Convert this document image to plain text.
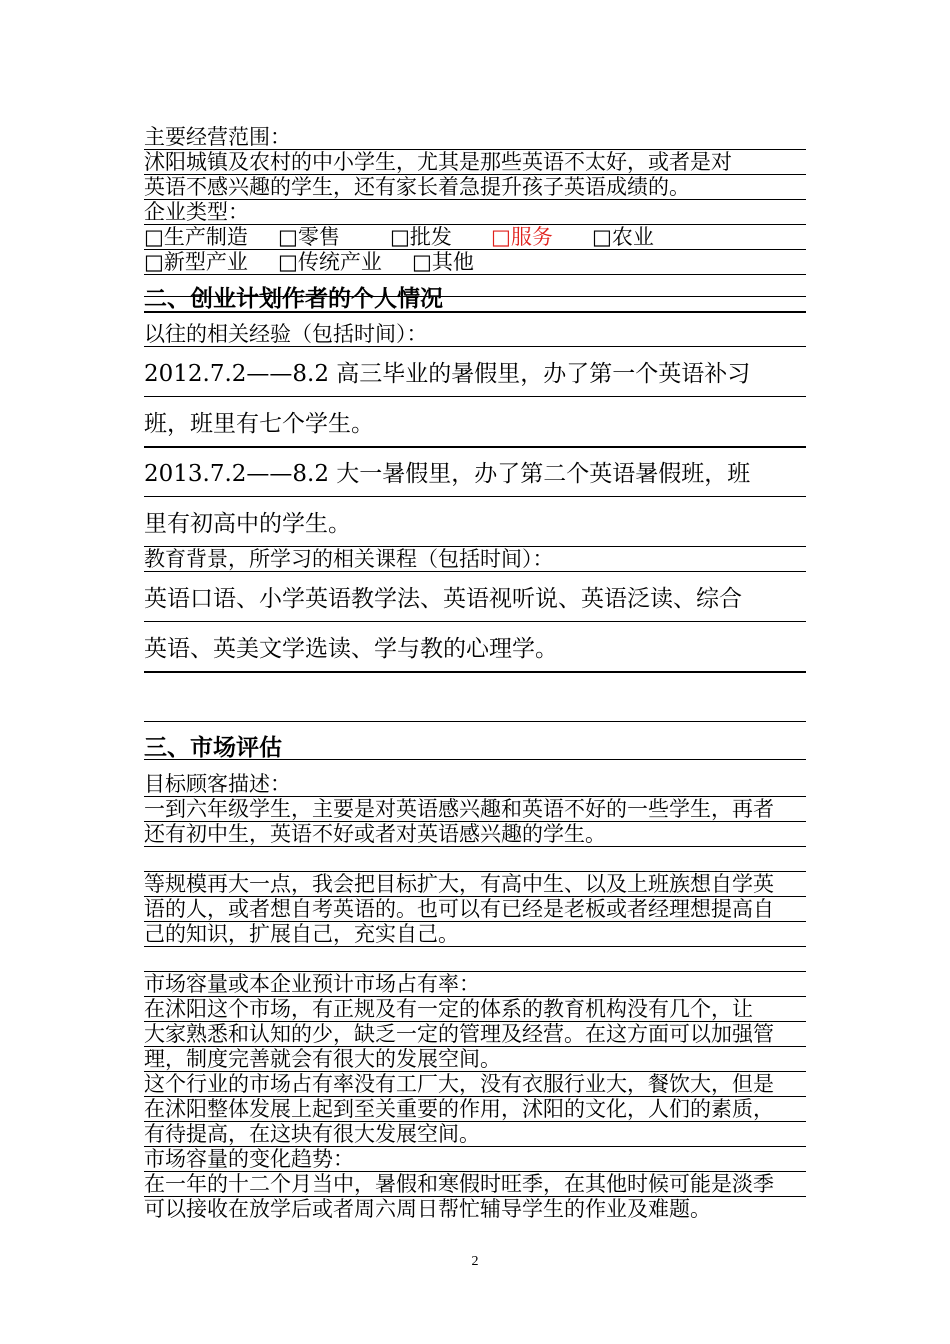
主要经营范围：
沭阳城镇及农村的中小学生，尤其是那些英语不太好，或者是对
英语不感兴趣的学生，还有家长着急提升孩子英语成绩的。
企业类型：
□生产制造 □零售 □批发 □服务 □农业
□新型产业 □传统产业 □其他
二、创业计划作者的个人情况
以往的相关经验（包括时间）：
2012.7.2——8.2 高三毕业的暑假里，办了第一个英语补习
班，班里有七个学生。
2013.7.2——8.2 大一暑假里，办了第二个英语暑假班，班
里有初高中的学生。
教育背景，所学习的相关课程（包括时间）：
英语口语、小学英语教学法、英语视听说、英语泛读、综合
英语、英美文学选读、学与教的心理学。
三、市场评估
目标顾客描述：
一到六年级学生，主要是对英语感兴趣和英语不好的一些学生，再者
还有初中生，英语不好或者对英语感兴趣的学生。
等规模再大一点，我会把目标扩大，有高中生、以及上班族想自学英
语的人，或者想自考英语的。也可以有已经是老板或者经理想提高自
己的知识，扩展自己，充实自己。
市场容量或本企业预计市场占有率：
在沭阳这个市场，有正规及有一定的体系的教育机构没有几个，让
大家熟悉和认知的少，缺乏一定的管理及经营。在这方面可以加强管
理，制度完善就会有很大的发展空间。
这个行业的市场占有率没有工厂大，没有衣服行业大，餐饮大，但是
在沭阳整体发展上起到至关重要的作用，沭阳的文化，人们的素质，
有待提高，在这块有很大发展空间。
市场容量的变化趋势：
在一年的十二个月当中，暑假和寒假时旺季，在其他时候可能是淡季
可以接收在放学后或者周六周日帮忙辅导学生的作业及难题。
2
